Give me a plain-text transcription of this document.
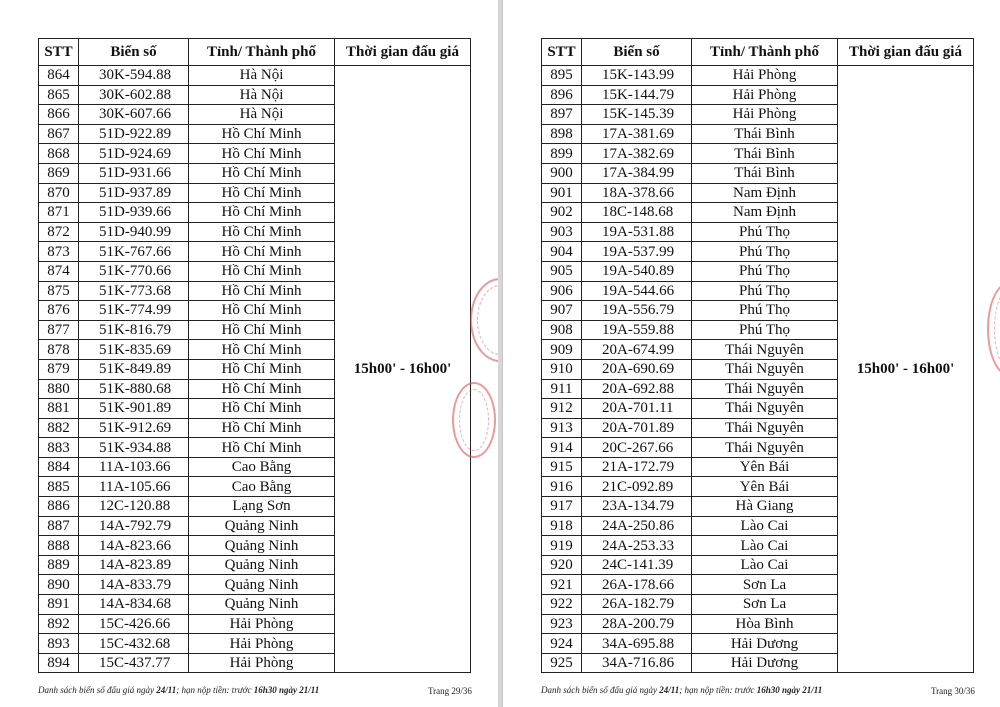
STT	Biển số	Tỉnh/ Thành phố	Thời gian đấu giá
864	30K-594.88	Hà Nội	15h00' - 16h00'
865	30K-602.88	Hà Nội	
866	30K-607.66	Hà Nội	
867	51D-922.89	Hồ Chí Minh	
868	51D-924.69	Hồ Chí Minh	
869	51D-931.66	Hồ Chí Minh	
870	51D-937.89	Hồ Chí Minh	
871	51D-939.66	Hồ Chí Minh	
872	51D-940.99	Hồ Chí Minh	
873	51K-767.66	Hồ Chí Minh	
874	51K-770.66	Hồ Chí Minh	
875	51K-773.68	Hồ Chí Minh	
876	51K-774.99	Hồ Chí Minh	
877	51K-816.79	Hồ Chí Minh	
878	51K-835.69	Hồ Chí Minh	
879	51K-849.89	Hồ Chí Minh	
880	51K-880.68	Hồ Chí Minh	
881	51K-901.89	Hồ Chí Minh	
882	51K-912.69	Hồ Chí Minh	
883	51K-934.88	Hồ Chí Minh	
884	11A-103.66	Cao Bằng	
885	11A-105.66	Cao Bằng	
886	12C-120.88	Lạng Sơn	
887	14A-792.79	Quảng Ninh	
888	14A-823.66	Quảng Ninh	
889	14A-823.89	Quảng Ninh	
890	14A-833.79	Quảng Ninh	
891	14A-834.68	Quảng Ninh	
892	15C-426.66	Hải Phòng	
893	15C-432.68	Hải Phòng	
894	15C-437.77	Hải Phòng	
Danh sách biển số đấu giá ngày 24/11; hạn nộp tiền: trước 16h30 ngày 21/11	Trang 29/36
STT	Biển số	Tỉnh/ Thành phố	Thời gian đấu giá
895	15K-143.99	Hải Phòng	15h00' - 16h00'
896	15K-144.79	Hải Phòng	
897	15K-145.39	Hải Phòng	
898	17A-381.69	Thái Bình	
899	17A-382.69	Thái Bình	
900	17A-384.99	Thái Bình	
901	18A-378.66	Nam Định	
902	18C-148.68	Nam Định	
903	19A-531.88	Phú Thọ	
904	19A-537.99	Phú Thọ	
905	19A-540.89	Phú Thọ	
906	19A-544.66	Phú Thọ	
907	19A-556.79	Phú Thọ	
908	19A-559.88	Phú Thọ	
909	20A-674.99	Thái Nguyên	
910	20A-690.69	Thái Nguyên	
911	20A-692.88	Thái Nguyên	
912	20A-701.11	Thái Nguyên	
913	20A-701.89	Thái Nguyên	
914	20C-267.66	Thái Nguyên	
915	21A-172.79	Yên Bái	
916	21C-092.89	Yên Bái	
917	23A-134.79	Hà Giang	
918	24A-250.86	Lào Cai	
919	24A-253.33	Lào Cai	
920	24C-141.39	Lào Cai	
921	26A-178.66	Sơn La	
922	26A-182.79	Sơn La	
923	28A-200.79	Hòa Bình	
924	34A-695.88	Hải Dương	
925	34A-716.86	Hải Dương	
Danh sách biển số đấu giá ngày 24/11; hạn nộp tiền: trước 16h30 ngày 21/11	Trang 30/36
